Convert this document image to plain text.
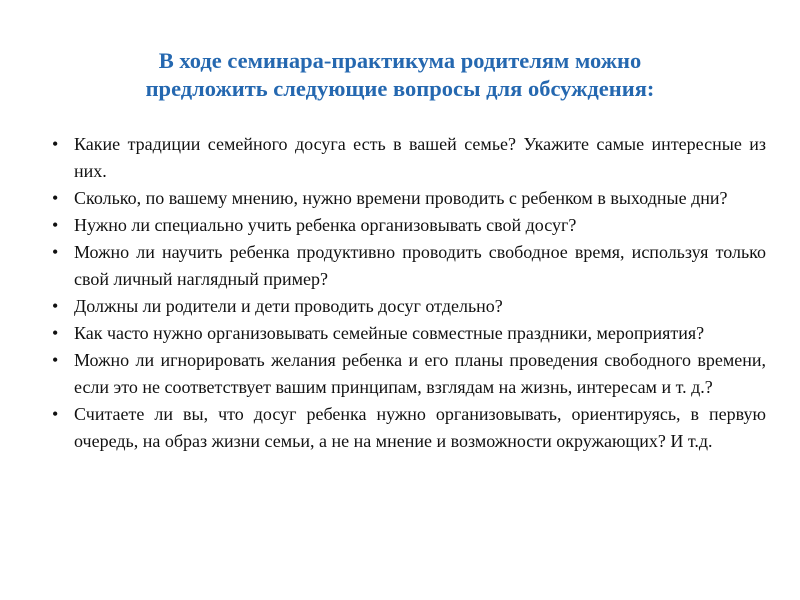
В ходе семинара-практикума родителям можно
предложить следующие вопросы для обсуждения:
• Какие традиции семейного досуга есть в вашей семье? Укажите самые интересные из них.
• Сколько, по вашему мнению, нужно времени проводить с ребенком в выходные дни?
• Нужно ли специально учить ребенка организовывать свой досуг?
• Можно ли научить ребенка продуктивно проводить свободное время, используя только свой личный наглядный пример?
• Должны ли родители и дети проводить досуг отдельно?
• Как часто нужно организовывать семейные совместные праздники, мероприятия?
• Можно ли игнорировать желания ребенка и его планы проведения свободного времени, если это не соответствует вашим принципам, взглядам на жизнь, интересам и т. д.?
• Считаете ли вы, что досуг ребенка нужно организовывать, ориентируясь, в первую очередь, на образ жизни семьи, а не на мнение и возможности окружающих? И т.д.
